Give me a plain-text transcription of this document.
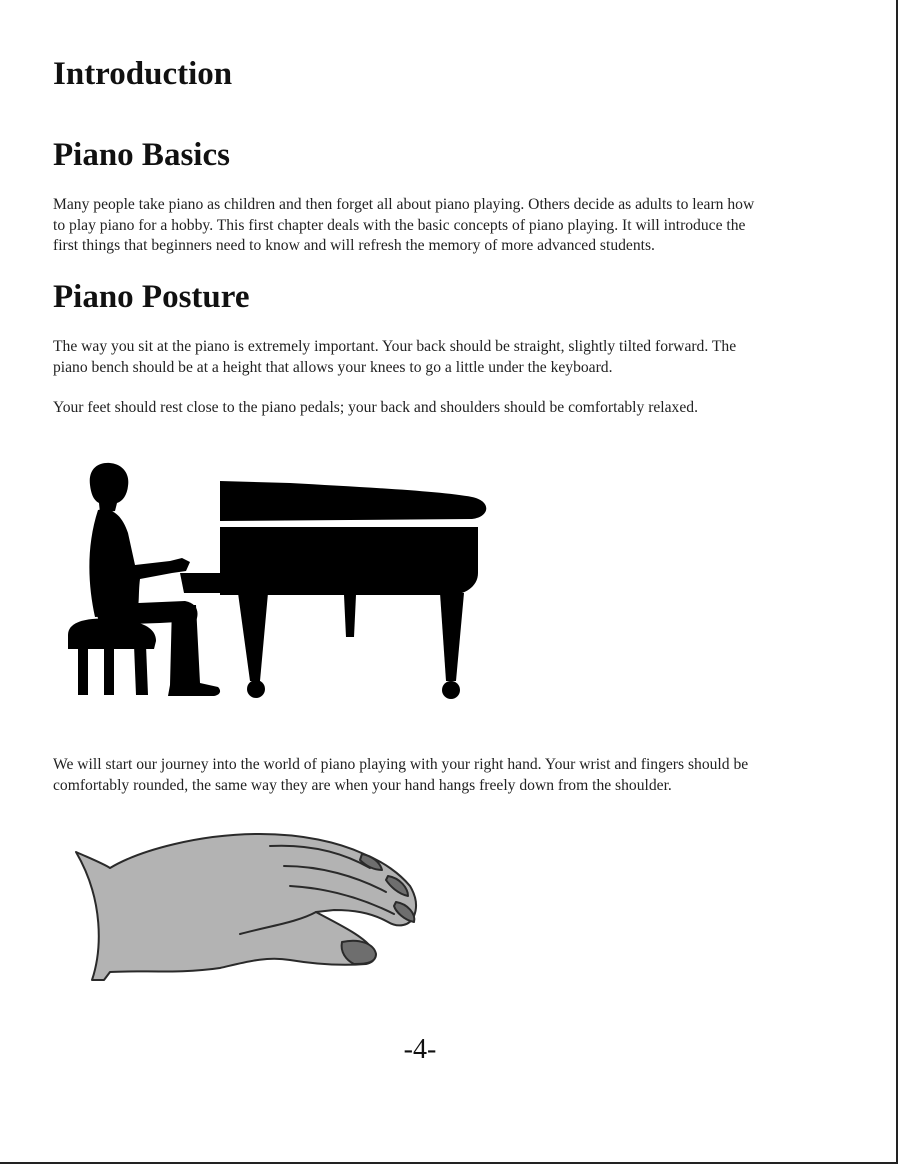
Introduction
Piano Basics

Many people take piano as children and then forget all about piano playing. Others decide as adults to learn how
to play piano for a hobby. This first chapter deals with the basic concepts of piano playing. It will introduce the
first things that beginners need to know and will refresh the memory of more advanced students.

Piano Posture

The way you sit at the piano is extremely important. Your back should be straight, slightly tilted forward. The
piano bench should be at a height that allows your knees to go a little under the keyboard.

Your feet should rest close to the piano pedals; your back and shoulders should be comfortably relaxed.

We will start our journey into the world of piano playing with your right hand. Your wrist and fingers should be
comfortably rounded, the same way they are when your hand hangs freely down from the shoulder.

-4-
